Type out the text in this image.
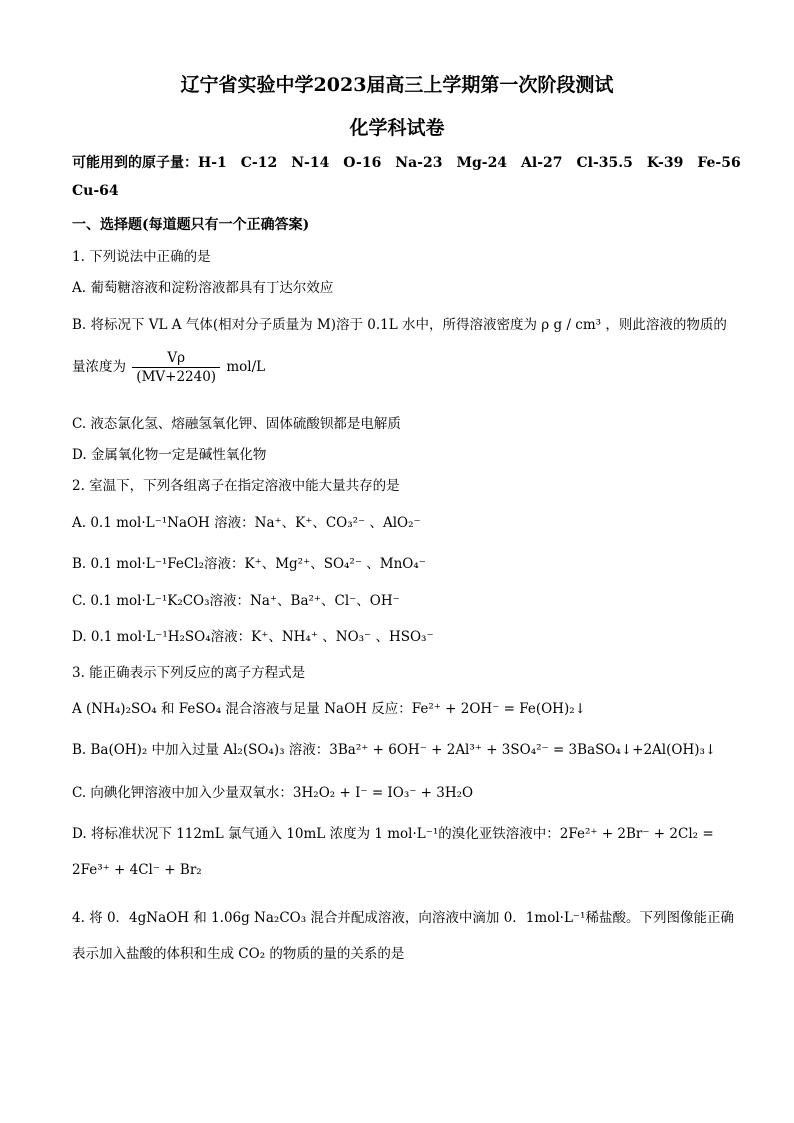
辽宁省实验中学2023届高三上学期第一次阶段测试
化学科试卷
可能用到的原子量：H-1　C-12　N-14　O-16　Na-23　Mg-24　Al-27　Cl-35.5　K-39　Fe-56
Cu-64
一、选择题(每道题只有一个正确答案)
1. 下列说法中正确的是
A. 葡萄糖溶液和淀粉溶液都具有丁达尔效应
B. 将标况下 VL A 气体(相对分子质量为 M)溶于 0.1L 水中，所得溶液密度为 ρ g / cm³ ，则此溶液的物质的
量浓度为 $\frac{V\rho}{(MV+2240)} mol/L$
C. 液态氯化氢、熔融氢氧化钾、固体硫酸钡都是电解质
D. 金属氧化物一定是碱性氧化物
2. 室温下，下列各组离子在指定溶液中能大量共存的是
A. 0.1 mol·L⁻¹NaOH 溶液：Na⁺、K⁺、CO₃²⁻ 、AlO₂⁻
B. 0.1 mol·L⁻¹FeCl₂溶液：K⁺、Mg²⁺、SO₄²⁻ 、MnO₄⁻
C. 0.1 mol·L⁻¹K₂CO₃溶液：Na⁺、Ba²⁺、Cl⁻、OH⁻
D. 0.1 mol·L⁻¹H₂SO₄溶液：K⁺、NH₄⁺ 、NO₃⁻ 、HSO₃⁻
3. 能正确表示下列反应的离子方程式是
A (NH₄)₂SO₄ 和 FeSO₄ 混合溶液与足量 NaOH 反应：Fe²⁺ + 2OH⁻ = Fe(OH)₂↓
B. Ba(OH)₂ 中加入过量 Al₂(SO₄)₃ 溶液：3Ba²⁺ + 6OH⁻ + 2Al³⁺ + 3SO₄²⁻ = 3BaSO₄↓+2Al(OH)₃↓
C. 向碘化钾溶液中加入少量双氧水：3H₂O₂ + I⁻ = IO₃⁻ + 3H₂O
D. 将标准状况下 112mL 氯气通入 10mL 浓度为 1 mol·L⁻¹的溴化亚铁溶液中：2Fe²⁺ + 2Br⁻ + 2Cl₂ =
2Fe³⁺ + 4Cl⁻ + Br₂
4. 将 0．4gNaOH 和 1.06g Na₂CO₃ 混合并配成溶液，向溶液中滴加 0．1mol·L⁻¹稀盐酸。下列图像能正确
表示加入盐酸的体积和生成 CO₂ 的物质的量的关系的是
